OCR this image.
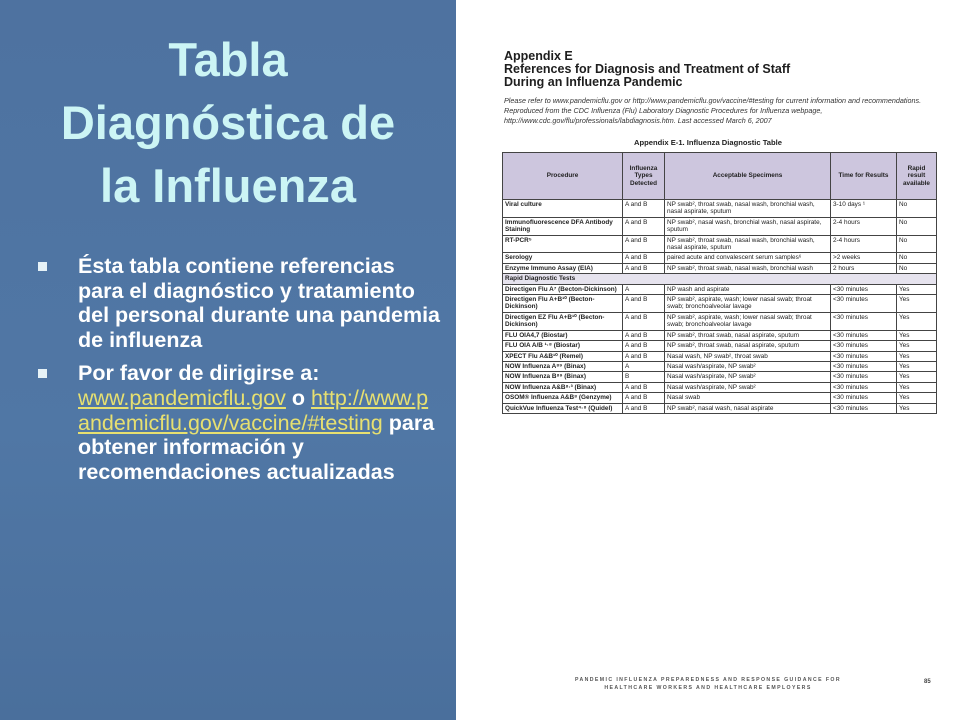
Tabla
Diagnóstica de
la Influenza
Ésta tabla contiene referencias para el diagnóstico y tratamiento del personal durante una pandemia de influenza
Por favor de dirigirse a: www.pandemicflu.gov o http://www.pandemicflu.gov/vaccine/#testing para obtener información y recomendaciones actualizadas
Appendix E
References for Diagnosis and Treatment of Staff
During an Influenza Pandemic
Please refer to www.pandemicflu.gov or http://www.pandemicflu.gov/vaccine/#testing for current information and recommendations. Reproduced from the CDC Influenza (Flu) Laboratory Diagnostic Procedures for Influenza webpage, http://www.cdc.gov/flu/professionals/labdiagnosis.htm. Last accessed March 6, 2007
Appendix E-1. Influenza Diagnostic Table
Procedure	Influenza Types Detected	Acceptable Specimens	Time for Results	Rapid result available
Viral culture	A and B	NP swab², throat swab, nasal wash, bronchial wash, nasal aspirate, sputum	3-10 days ¹	No
Immunofluorescence DFA Antibody Staining	A and B	NP swab², nasal wash, bronchial wash, nasal aspirate, sputum	2-4 hours	No
RT-PCR⁵	A and B	NP swab², throat swab, nasal wash, bronchial wash, nasal aspirate, sputum	2-4 hours	No
Serology	A and B	paired acute and convalescent serum samples⁶	>2 weeks	No
Enzyme Immuno Assay (EIA)	A and B	NP swab², throat swab, nasal wash, bronchial wash	2 hours	No
Rapid Diagnostic Tests				
Directigen Flu A⁷ (Becton-Dickinson)	A	NP wash and aspirate	<30 minutes	Yes
Directigen Flu A+B¹⁰ (Becton-Dickinson)	A and B	NP swab², aspirate, wash; lower nasal swab; throat swab; bronchoalveolar lavage	<30 minutes	Yes
Directigen EZ Flu A+B¹⁰ (Becton-Dickinson)	A and B	NP swab², aspirate, wash; lower nasal swab; throat swab; bronchoalveolar lavage	<30 minutes	Yes
FLU OIA4,7 (Biostar)	A and B	NP swab², throat swab, nasal aspirate, sputum	<30 minutes	Yes
FLU OIA A/B ¹·⁸ (Biostar)	A and B	NP swab², throat swab, nasal aspirate, sputum	<30 minutes	Yes
XPECT Flu A&B¹⁰ (Remel)	A and B	Nasal wash, NP swab², throat swab	<30 minutes	Yes
NOW Influenza A⁸⁹ (Binax)	A	Nasal wash/aspirate, NP swab²	<30 minutes	Yes
NOW Influenza B⁸⁹ (Binax)	B	Nasal wash/aspirate, NP swab²	<30 minutes	Yes
NOW Influenza A&B⁸·³ (Binax)	A and B	Nasal wash/aspirate, NP swab²	<30 minutes	Yes
OSOM® Influenza A&B⁸ (Genzyme)	A and B	Nasal swab	<30 minutes	Yes
QuickVue Influenza Test⁴·⁸ (Quidel)	A and B	NP swab², nasal wash, nasal aspirate	<30 minutes	Yes
PANDEMIC INFLUENZA PREPAREDNESS AND RESPONSE GUIDANCE FOR
HEALTHCARE WORKERS AND HEALTHCARE EMPLOYERS
85
